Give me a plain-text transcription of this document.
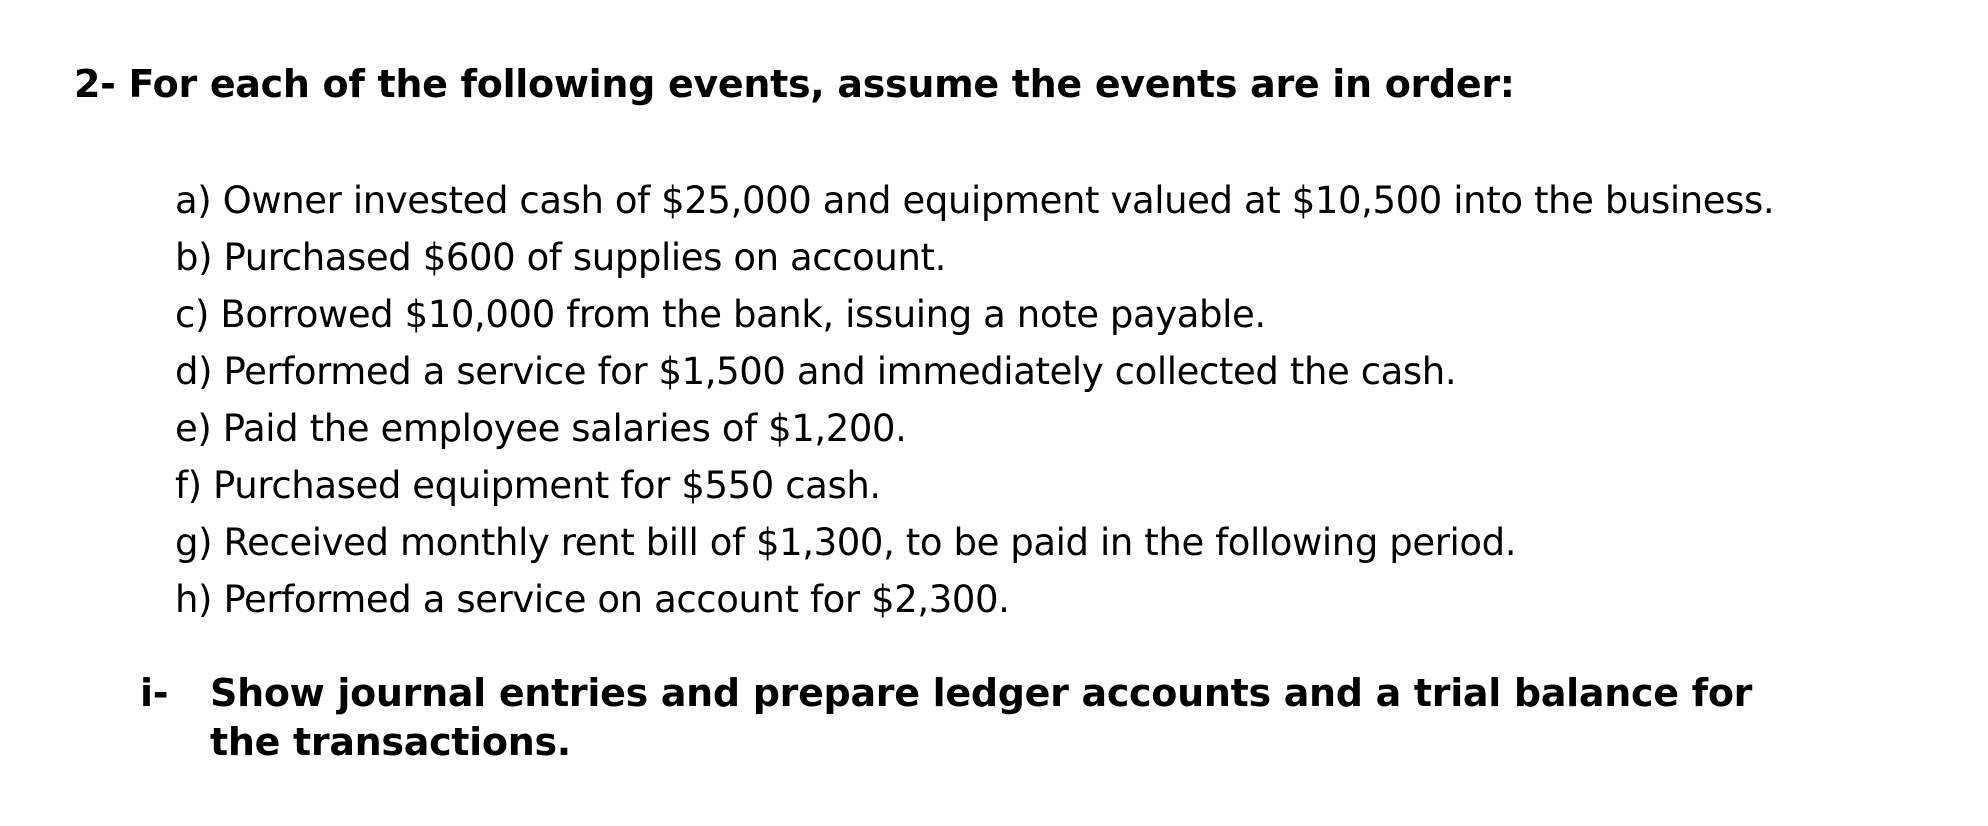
2- For each of the following events, assume the events are in order:
a) Owner invested cash of $25,000 and equipment valued at $10,500 into the business.
b) Purchased $600 of supplies on account.
c) Borrowed $10,000 from the bank, issuing a note payable.
d) Performed a service for $1,500 and immediately collected the cash.
e) Paid the employee salaries of $1,200.
f) Purchased equipment for $550 cash.
g) Received monthly rent bill of $1,300, to be paid in the following period.
h) Performed a service on account for $2,300.
i-	Show journal entries and prepare ledger accounts and a trial balance for the transactions.
